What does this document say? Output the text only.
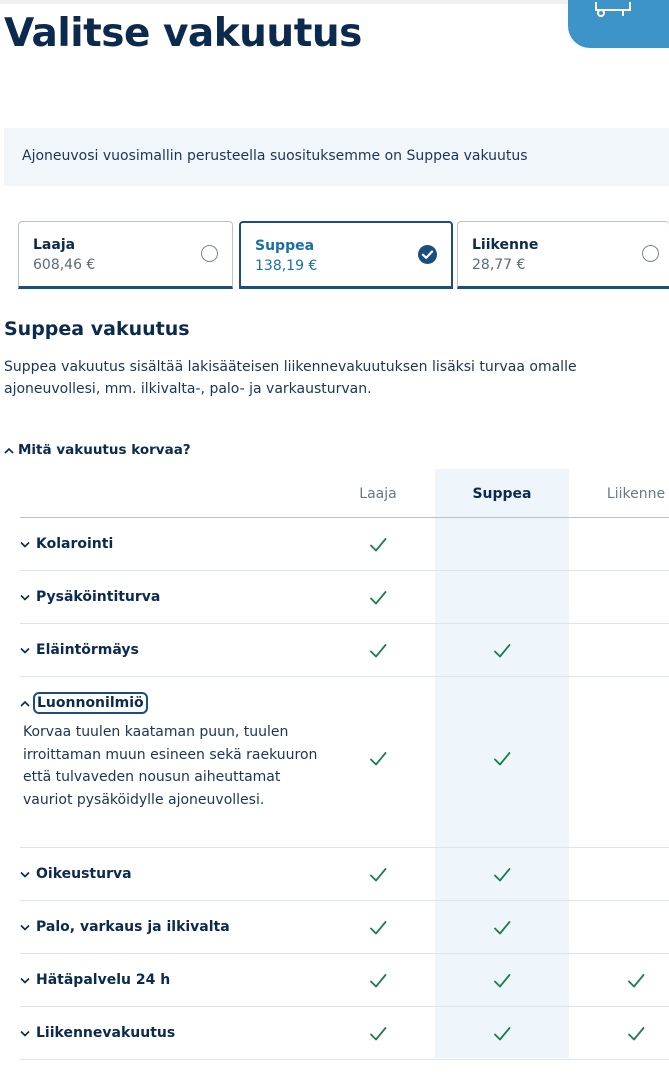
Valitse vakuutus
Ajoneuvosi vuosimallin perusteella suosituksemme on Suppea vakuutus
Laaja
608,46 €
Suppea
138,19 €
Liikenne
28,77 €
Suppea vakuutus

Suppea vakuutus sisältää lakisääteisen liikennevakuutuksen lisäksi turvaa omalle ajoneuvollesi, mm. ilkivalta-, palo- ja varkausturvan.

Mitä vakuutus korvaa?
Laaja	Suppea	Liikenne
Kolarointi
Pysäköintiturva
Eläintörmäys
Luonnonilmiö
Korvaa tuulen kaataman puun, tuulen irroittaman muun esineen sekä raekuuron että tulvaveden nousun aiheuttamat vauriot pysäköidylle ajoneuvollesi.
Oikeusturva
Palo, varkaus ja ilkivalta
Hätäpalvelu 24 h
Liikennevakuutus
